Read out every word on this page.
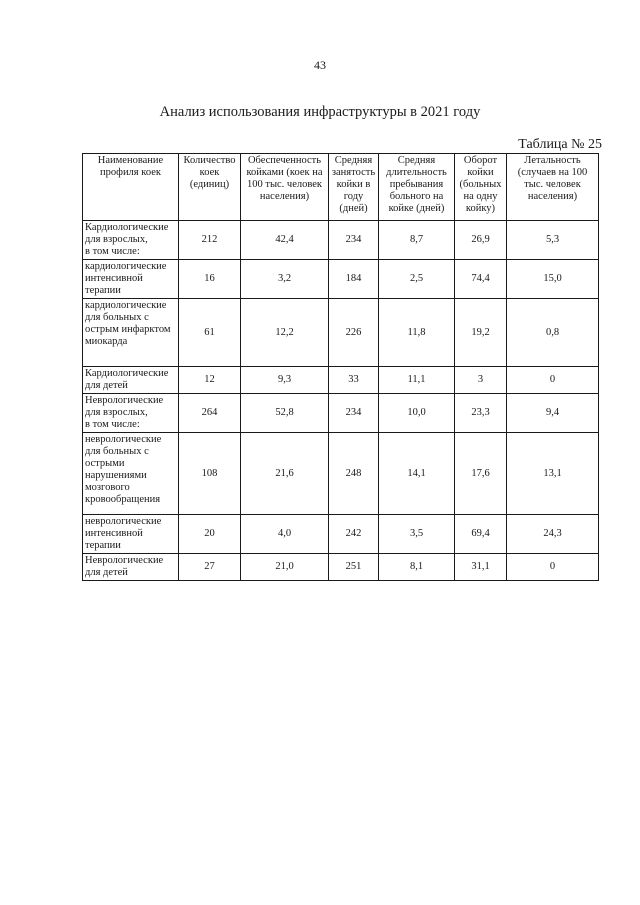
43
Анализ использования инфраструктуры в 2021 году
Таблица № 25
Наименование профиля коек	Количество коек (единиц)	Обеспеченность койками (коек на 100 тыс. человек населения)	Средняя занятость койки в году (дней)	Средняя длительность пребывания больного на койке (дней)	Оборот койки (больных на одну койку)	Летальность (случаев на 100 тыс. человек населения)
Кардиологические для взрослых,
в том числе:	212	42,4	234	8,7	26,9	5,3
кардиологические интенсивной терапии	16	3,2	184	2,5	74,4	15,0
кардиологические для больных с острым инфарктом миокарда	61	12,2	226	11,8	19,2	0,8
Кардиологические для детей	12	9,3	33	11,1	3	0
Неврологические для взрослых,
в том числе:	264	52,8	234	10,0	23,3	9,4
неврологические для больных с острыми нарушениями мозгового кровообращения	108	21,6	248	14,1	17,6	13,1
неврологические интенсивной терапии	20	4,0	242	3,5	69,4	24,3
Неврологические для детей	27	21,0	251	8,1	31,1	0
